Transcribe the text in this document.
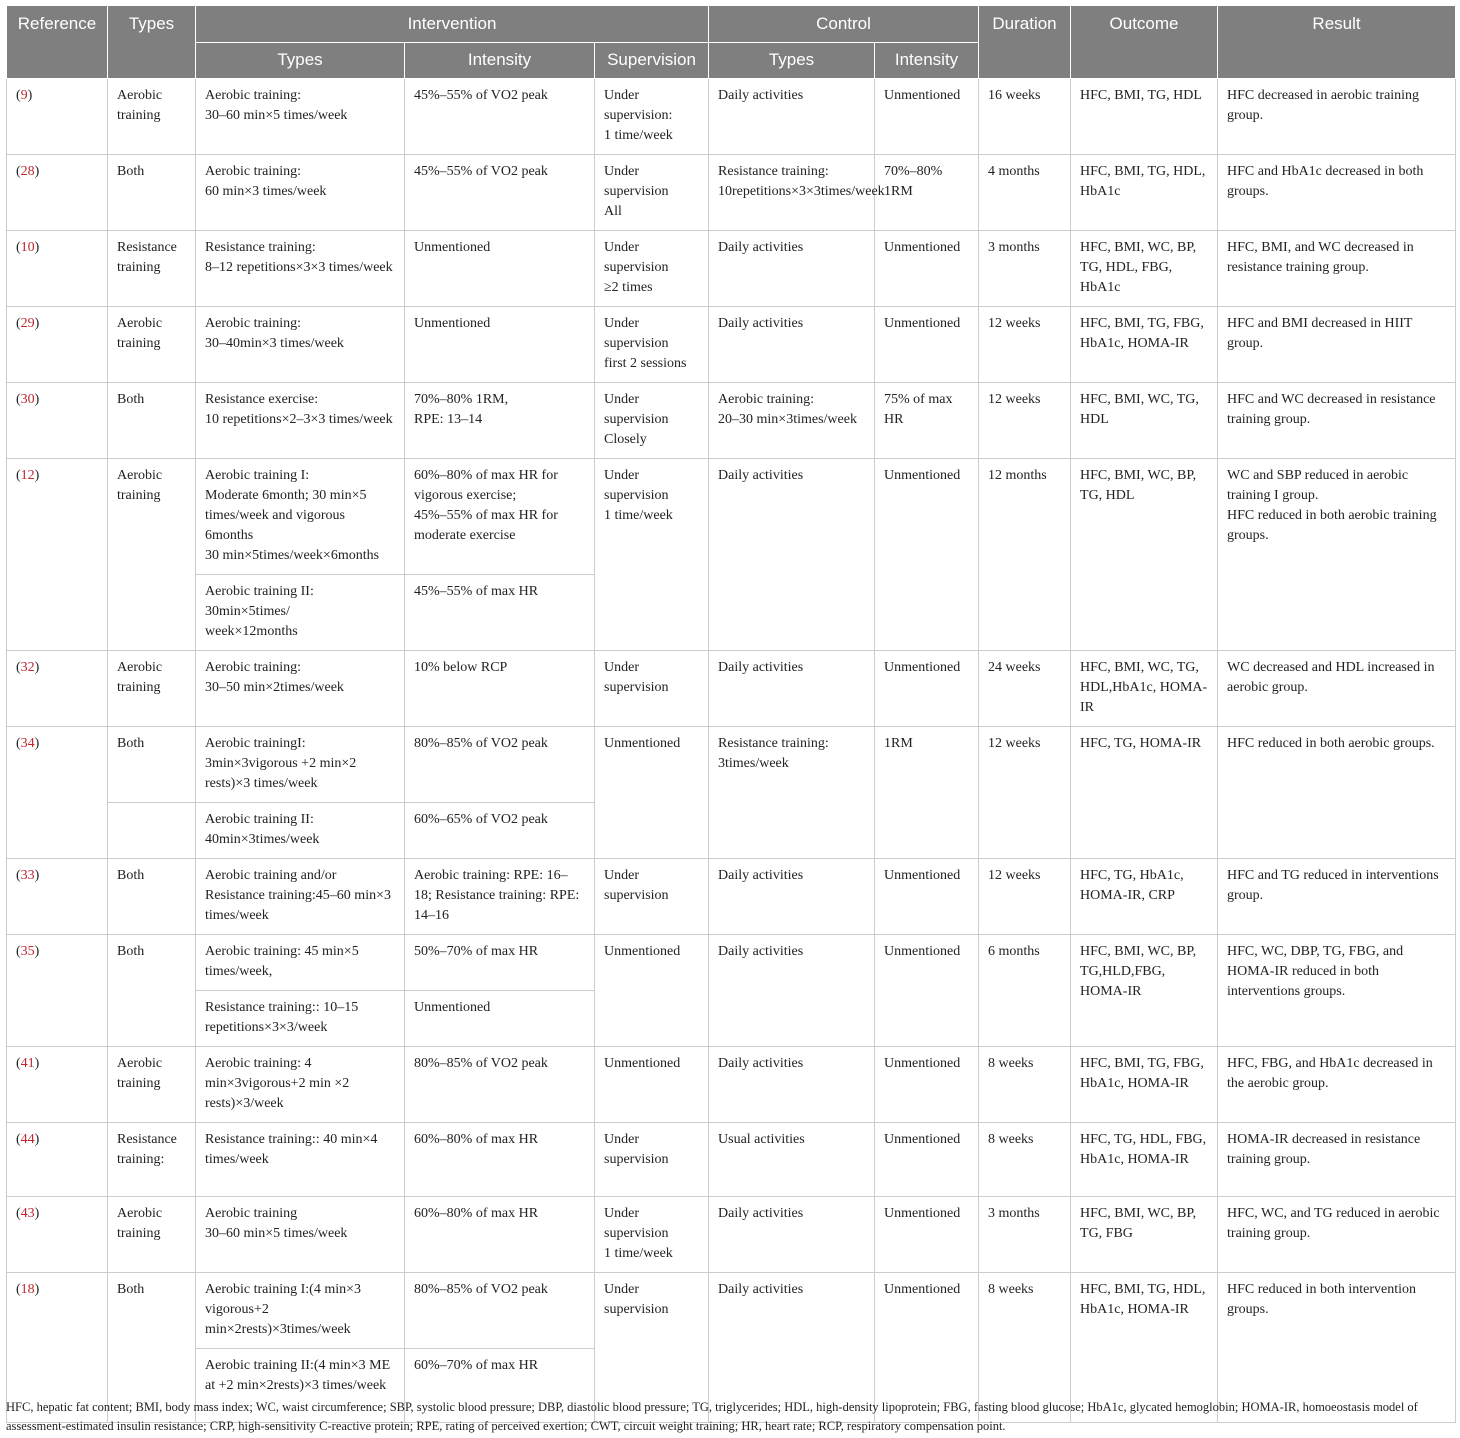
Reference	Types	Intervention			Control		Duration	Outcome	Result
		Types	Intensity	Supervision	Types	Intensity			
(9)	Aerobic training	Aerobic training:
30–60 min×5 times/week	45%–55% of VO2 peak	Under supervision:
1 time/week	Daily activities	Unmentioned	16 weeks	HFC, BMI, TG, HDL	HFC decreased in aerobic training group.
(28)	Both	Aerobic training:
60 min×3 times/week	45%–55% of VO2 peak	Under supervision
All	Resistance training: 10repetitions×3×3times/week	70%–80% 1RM	4 months	HFC, BMI, TG, HDL, HbA1c	HFC and HbA1c decreased in both groups.
(10)	Resistance training	Resistance training:
8–12 repetitions×3×3 times/week	Unmentioned	Under supervision
≥2 times	Daily activities	Unmentioned	3 months	HFC, BMI, WC, BP, TG, HDL, FBG, HbA1c	HFC, BMI, and WC decreased in resistance training group.
(29)	Aerobic training	Aerobic training:
30–40min×3 times/week	Unmentioned	Under supervision
first 2 sessions	Daily activities	Unmentioned	12 weeks	HFC, BMI, TG, FBG, HbA1c, HOMA-IR	HFC and BMI decreased in HIIT group.
(30)	Both	Resistance exercise:
10 repetitions×2–3×3 times/week	70%–80% 1RM,
RPE: 13–14	Under supervision
Closely	Aerobic training:
20–30 min×3times/week	75% of max HR	12 weeks	HFC, BMI, WC, TG, HDL	HFC and WC decreased in resistance training group.
(12)	Aerobic training	Aerobic training I:
Moderate 6month; 30 min×5 times/week and vigorous 6months
30 min×5times/week×6months	60%–80% of max HR for vigorous exercise;
45%–55% of max HR for moderate exercise	Under supervision
1 time/week	Daily activities	Unmentioned	12 months	HFC, BMI, WC, BP, TG, HDL	WC and SBP reduced in aerobic training I group.
HFC reduced in both aerobic training groups.
		Aerobic training II:
30min×5times/
week×12months	45%–55% of max HR						
(32)	Aerobic training	Aerobic training:
30–50 min×2times/week	10% below RCP	Under supervision	Daily activities	Unmentioned	24 weeks	HFC, BMI, WC, TG, HDL,HbA1c, HOMA-IR	WC decreased and HDL increased in aerobic group.
(34)	Both	Aerobic trainingI:
3min×3vigorous +2 min×2 rests)×3 times/week	80%–85% of VO2 peak	Unmentioned	Resistance training:
3times/week	1RM	12 weeks	HFC, TG, HOMA-IR	HFC reduced in both aerobic groups.
		Aerobic training II:
40min×3times/week	60%–65% of VO2 peak						
(33)	Both	Aerobic training and/or Resistance training:45–60 min×3 times/week	Aerobic training: RPE: 16–18; Resistance training: RPE: 14–16	Under supervision	Daily activities	Unmentioned	12 weeks	HFC, TG, HbA1c, HOMA-IR, CRP	HFC and TG reduced in interventions group.
(35)	Both	Aerobic training: 45 min×5 times/week,	50%–70% of max HR	Unmentioned	Daily activities	Unmentioned	6 months	HFC, BMI, WC, BP, TG,HLD,FBG, HOMA-IR	HFC, WC, DBP, TG, FBG, and HOMA-IR reduced in both interventions groups.
		Resistance training:: 10–15 repetitions×3×3/week	Unmentioned						
(41)	Aerobic training	Aerobic training: 4 min×3vigorous+2 min ×2 rests)×3/week	80%–85% of VO2 peak	Unmentioned	Daily activities	Unmentioned	8 weeks	HFC, BMI, TG, FBG, HbA1c, HOMA-IR	HFC, FBG, and HbA1c decreased in the aerobic group.
(44)	Resistance training:	Resistance training:: 40 min×4 times/week	60%–80% of max HR	Under supervision	Usual activities	Unmentioned	8 weeks	HFC, TG, HDL, FBG, HbA1c, HOMA-IR	HOMA-IR decreased in resistance training group.
(43)	Aerobic training	Aerobic training
30–60 min×5 times/week	60%–80% of max HR	Under supervision
1 time/week	Daily activities	Unmentioned	3 months	HFC, BMI, WC, BP, TG, FBG	HFC, WC, and TG reduced in aerobic training group.
(18)	Both	Aerobic training I:(4 min×3 vigorous+2 min×2rests)×3times/week	80%–85% of VO2 peak	Under supervision	Daily activities	Unmentioned	8 weeks	HFC, BMI, TG, HDL, HbA1c, HOMA-IR	HFC reduced in both intervention groups.
		Aerobic training II:(4 min×3 ME at +2 min×2rests)×3 times/week	60%–70% of max HR						
HFC, hepatic fat content; BMI, body mass index; WC, waist circumference; SBP, systolic blood pressure; DBP, diastolic blood pressure; TG, triglycerides; HDL, high-density lipoprotein; FBG, fasting blood glucose; HbA1c, glycated hemoglobin; HOMA-IR, homoeostasis model of assessment-estimated insulin resistance; CRP, high-sensitivity C-reactive protein; RPE, rating of perceived exertion; CWT, circuit weight training; HR, heart rate; RCP, respiratory compensation point.
